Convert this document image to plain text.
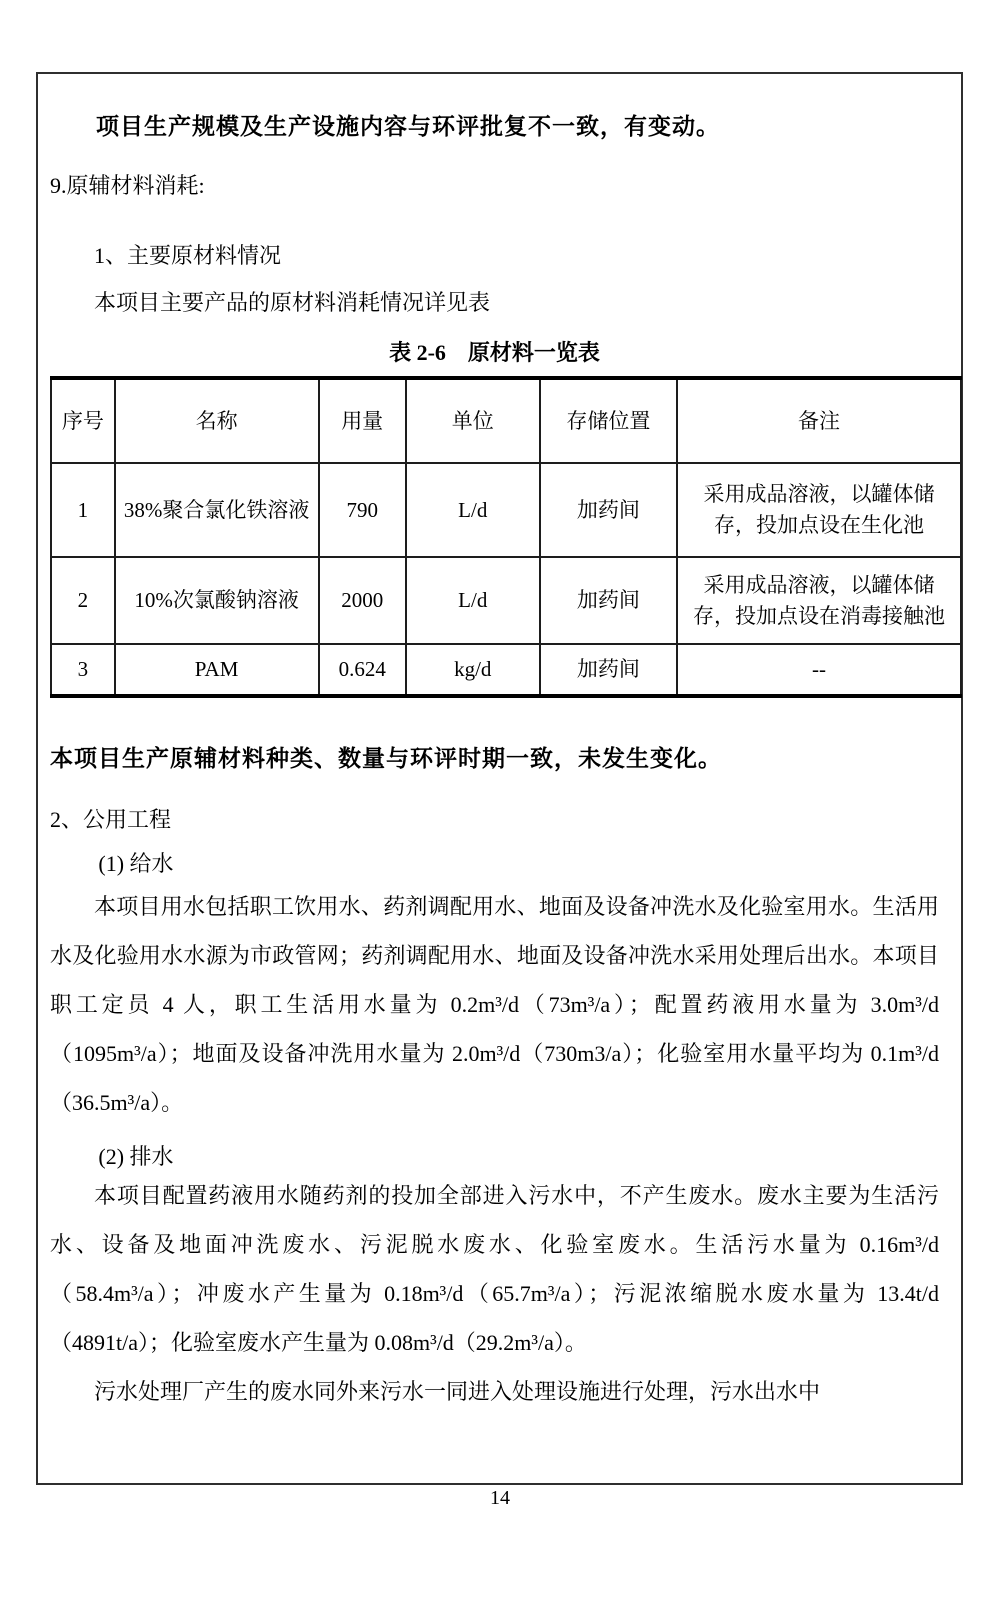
项目生产规模及生产设施内容与环评批复不一致，有变动。

9.原辅材料消耗:

1、主要原材料情况

本项目主要产品的原材料消耗情况详见表

表 2-6　原材料一览表

序号	名称	用量	单位	存储位置	备注
1	38%聚合氯化铁溶液	790	L/d	加药间	采用成品溶液，以罐体储存，投加点设在生化池
2	10%次氯酸钠溶液	2000	L/d	加药间	采用成品溶液，以罐体储存，投加点设在消毒接触池
3	PAM	0.624	kg/d	加药间	--

本项目生产原辅材料种类、数量与环评时期一致，未发生变化。

2、公用工程

(1) 给水

本项目用水包括职工饮用水、药剂调配用水、地面及设备冲洗水及化验室用水。生活用水及化验用水水源为市政管网；药剂调配用水、地面及设备冲洗水采用处理后出水。本项目职工定员 4 人，职工生活用水量为 0.2m³/d（73m³/a）；配置药液用水量为 3.0m³/d（1095m³/a）；地面及设备冲洗用水量为 2.0m³/d（730m3/a）；化验室用水量平均为 0.1m³/d（36.5m³/a）。

(2) 排水

本项目配置药液用水随药剂的投加全部进入污水中，不产生废水。废水主要为生活污水、设备及地面冲洗废水、污泥脱水废水、化验室废水。生活污水量为 0.16m³/d（58.4m³/a）；冲废水产生量为 0.18m³/d（65.7m³/a）；污泥浓缩脱水废水量为 13.4t/d（4891t/a）；化验室废水产生量为 0.08m³/d（29.2m³/a）。

污水处理厂产生的废水同外来污水一同进入处理设施进行处理，污水出水中

14
